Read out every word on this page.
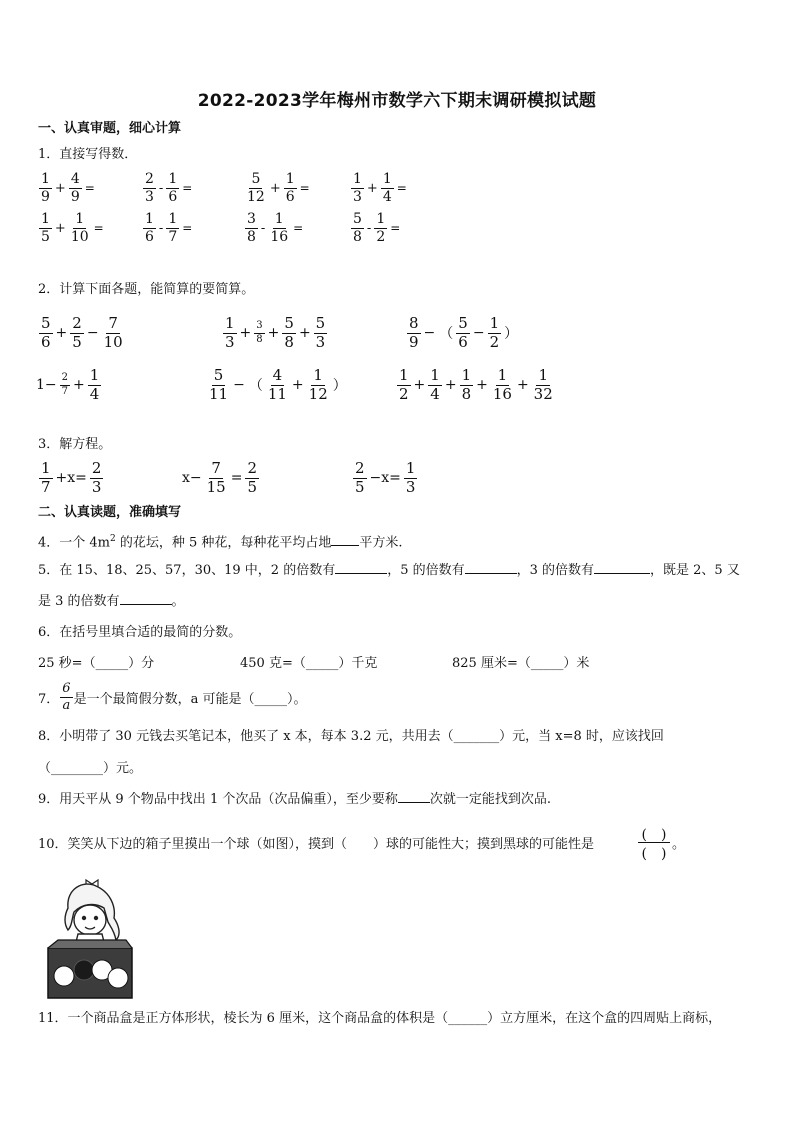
2022-2023学年梅州市数学六下期末调研模拟试题
一、认真审题，细心计算
1．直接写得数．
$\frac{1}{9} + \frac{4}{9}$ =	$\frac{2}{3} - \frac{1}{6}$ =	$\frac{5}{12} + \frac{1}{6}$ =	$\frac{1}{3} + \frac{1}{4}$ =
$\frac{1}{5} + \frac{1}{10}$ =	$\frac{1}{6} - \frac{1}{7}$ =	$\frac{3}{8} - \frac{1}{16}$ =	$\frac{5}{8} - \frac{1}{2}$ =
2．计算下面各题，能简算的要简算。
$\frac{5}{6} + \frac{2}{5} - \frac{7}{10}$	$\frac{1}{3} + \frac{3}{8} + \frac{5}{8} + \frac{5}{3}$	$\frac{8}{9}$ − （ $\frac{5}{6} - \frac{1}{2}$ ）
$1- \frac{2}{7} + \frac{1}{4}$	$\frac{5}{11}$ − （ $\frac{4}{11} + \frac{1}{12}$ ）	$\frac{1}{2} + \frac{1}{4} + \frac{1}{8} + \frac{1}{16} + \frac{1}{32}$
3．解方程。
$\frac{1}{7} +x= \frac{2}{3}$	$x- \frac{7}{15} = \frac{2}{5}$	$\frac{2}{5} -x= \frac{1}{3}$
二、认真读题，准确填写
4．一个 $4m^2$ 的花坛，种 5 种花，每种花平均占地 平方米.
5．在 15、18、25、57，30、19 中，2 的倍数有	，5 的倍数有	，3 的倍数有	，既是 2、5 又
是 3 的倍数有	。
6．在括号里填合适的最简的分数。
25 秒=（_____）分	450 克=（_____）千克	825 厘米=（_____）米
7． $\frac{6}{a}$ 是一个最简假分数，a 可能是（_____）。
8．小明带了 30 元钱去买笔记本，他买了 x 本，每本 3.2 元，共用去（_______）元，当 x=8 时，应该找回
（________）元。
9．用天平从 9 个物品中找出 1 个次品（次品偏重），至少要称 次就一定能找到次品.
10．笑笑从下边的箱子里摸出一个球（如图），摸到（　　）球的可能性大；摸到黑球的可能性是
(　)
(　)
。
11．一个商品盒是正方体形状，棱长为 6 厘米，这个商品盒的体积是（______）立方厘米，在这个盒的四周贴上商标，
